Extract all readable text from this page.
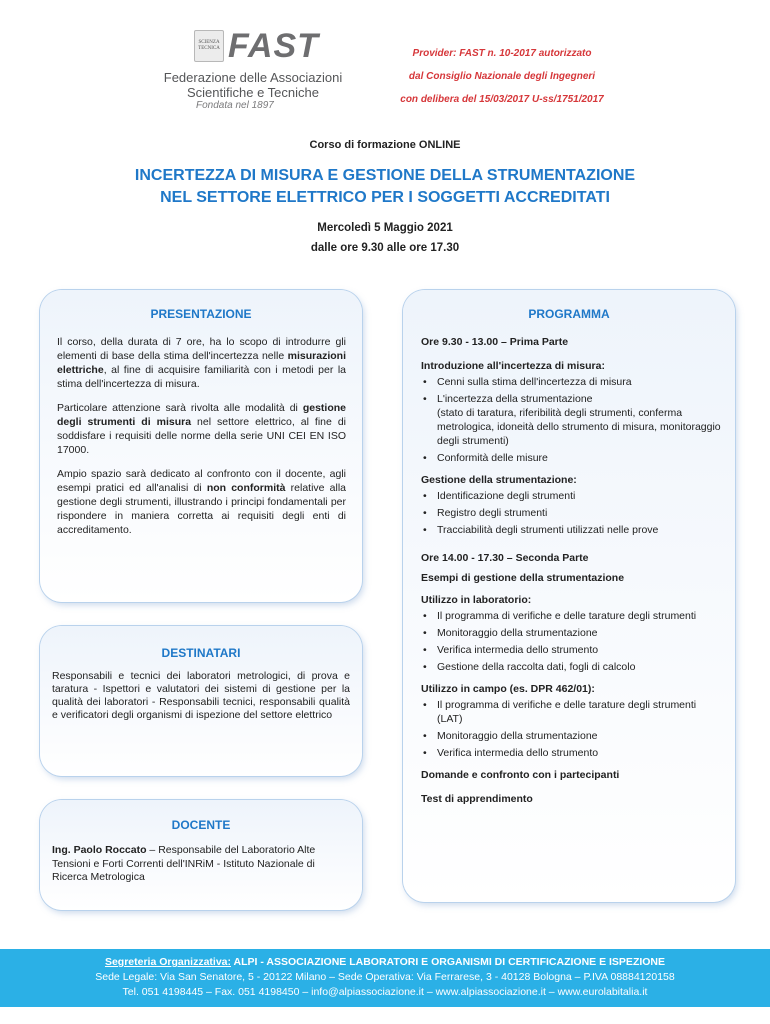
SCIENZA TECNICA FAST
Federazione delle Associazioni
Scientifiche e Tecniche
Fondata nel 1897
Provider: FAST n. 10-2017 autorizzato
dal Consiglio Nazionale degli Ingegneri
con delibera del 15/03/2017 U-ss/1751/2017
Corso di formazione ONLINE
INCERTEZZA DI MISURA E GESTIONE DELLA STRUMENTAZIONE
NEL SETTORE ELETTRICO PER I SOGGETTI ACCREDITATI
Mercoledì 5 Maggio 2021
dalle ore 9.30 alle ore 17.30
PRESENTAZIONE

Il corso, della durata di 7 ore, ha lo scopo di introdurre gli elementi di base della stima dell'incertezza nelle misurazioni elettriche, al fine di acquisire familiarità con i metodi per la stima dell'incertezza di misura.

Particolare attenzione sarà rivolta alle modalità di gestione degli strumenti di misura nel settore elettrico, al fine di soddisfare i requisiti delle norme della serie UNI CEI EN ISO 17000.

Ampio spazio sarà dedicato al confronto con il docente, agli esempi pratici ed all'analisi di non conformità relative alla gestione degli strumenti, illustrando i principi fondamentali per rispondere in maniera corretta ai requisiti degli enti di accreditamento.

DESTINATARI
Responsabili e tecnici dei laboratori metrologici, di prova e taratura - Ispettori e valutatori dei sistemi di gestione per la qualità dei laboratori - Responsabili tecnici, responsabili qualità e verificatori degli organismi di ispezione del settore elettrico
DOCENTE
Ing. Paolo Roccato – Responsabile del Laboratorio Alte Tensioni e Forti Correnti dell'INRiM - Istituto Nazionale di Ricerca Metrologica
PROGRAMMA
Ore 9.30 - 13.00 – Prima Parte
Introduzione all'incertezza di misura:
• Cenni sulla stima dell'incertezza di misura
• L'incertezza della strumentazione
(stato di taratura, riferibilità degli strumenti, conferma metrologica, idoneità dello strumento di misura, monitoraggio degli strumenti)
• Conformità delle misure
Gestione della strumentazione:
• Identificazione degli strumenti
• Registro degli strumenti
• Tracciabilità degli strumenti utilizzati nelle prove
Ore 14.00 - 17.30 – Seconda Parte
Esempi di gestione della strumentazione
Utilizzo in laboratorio:
• Il programma di verifiche e delle tarature degli strumenti
• Monitoraggio della strumentazione
• Verifica intermedia dello strumento
• Gestione della raccolta dati, fogli di calcolo
Utilizzo in campo (es. DPR 462/01):
• Il programma di verifiche e delle tarature degli strumenti (LAT)
• Monitoraggio della strumentazione
• Verifica intermedia dello strumento
Domande e confronto con i partecipanti
Test di apprendimento
Segreteria Organizzativa: ALPI - ASSOCIAZIONE LABORATORI E ORGANISMI DI CERTIFICAZIONE E ISPEZIONE
Sede Legale: Via San Senatore, 5 - 20122 Milano – Sede Operativa: Via Ferrarese, 3 - 40128 Bologna – P.IVA 08884120158
Tel. 051 4198445 – Fax. 051 4198450 – info@alpiassociazione.it – www.alpiassociazione.it – www.eurolabitalia.it
